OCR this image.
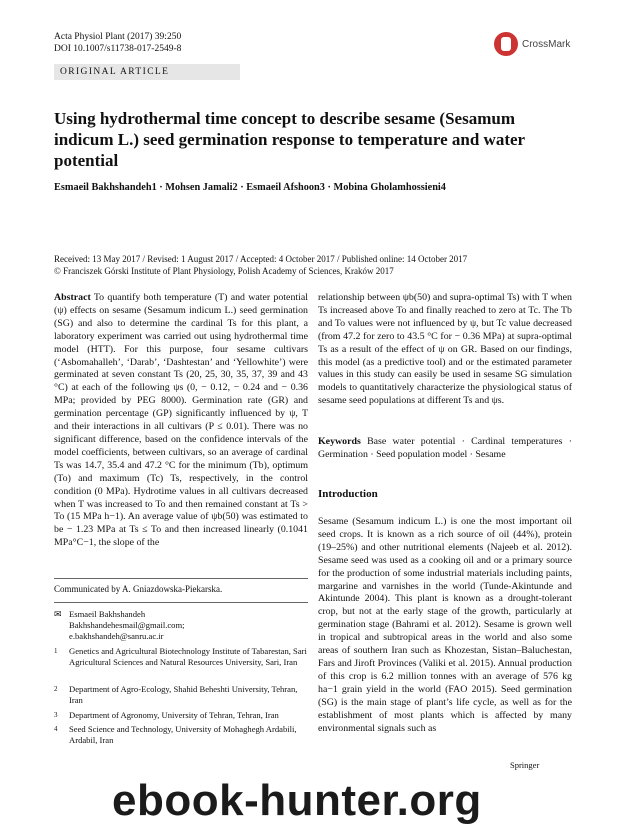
Acta Physiol Plant (2017) 39:250
DOI 10.1007/s11738-017-2549-8	CrossMark
ORIGINAL ARTICLE
Using hydrothermal time concept to describe sesame (Sesamum indicum L.) seed germination response to temperature and water potential
Esmaeil Bakhshandeh1 · Mohsen Jamali2 · Esmaeil Afshoon3 · Mobina Gholamhossieni4
Received: 13 May 2017 / Revised: 1 August 2017 / Accepted: 4 October 2017 / Published online: 14 October 2017
© Franciszek Górski Institute of Plant Physiology, Polish Academy of Sciences, Kraków 2017
Abstract To quantify both temperature (T) and water potential (ψ) effects on sesame (Sesamum indicum L.) seed germination (SG) and also to determine the cardinal Ts for this plant, a laboratory experiment was carried out using hydrothermal time model (HTT). For this purpose, four sesame cultivars (‘Asbomahalleh’, ‘Darab’, ‘Dashtestan’ and ‘Yellowhite’) were germinated at seven constant Ts (20, 25, 30, 35, 37, 39 and 43 °C) at each of the following ψs (0, − 0.12, − 0.24 and − 0.36 MPa; provided by PEG 8000). Germination rate (GR) and germination percentage (GP) significantly influenced by ψ, T and their interactions in all cultivars (P ≤ 0.01). There was no significant difference, based on the confidence intervals of the model coefficients, between cultivars, so an average of cardinal Ts was 14.7, 35.4 and 47.2 °C for the minimum (Tb), optimum (To) and maximum (Tc) Ts, respectively, in the control condition (0 MPa). Hydrotime values in all cultivars decreased when T was increased to To and then remained constant at Ts > To (15 MPa h−1). An average value of ψb(50) was estimated to be − 1.23 MPa at Ts ≤ To and then increased linearly (0.1041 MPa°C−1, the slope of the
relationship between ψb(50) and supra-optimal Ts) with T when Ts increased above To and finally reached to zero at Tc. The Tb and To values were not influenced by ψ, but Tc value decreased (from 47.2 for zero to 43.5 °C for − 0.36 MPa) at supra-optimal Ts as a result of the effect of ψ on GR. Based on our findings, this model (as a predictive tool) and or the estimated parameter values in this study can easily be used in sesame SG simulation models to quantitatively characterize the physiological status of sesame seed populations at different Ts and ψs.
Keywords Base water potential · Cardinal temperatures · Germination · Seed population model · Sesame
Introduction
Sesame (Sesamum indicum L.) is one the most important oil seed crops. It is known as a rich source of oil (44%), protein (19–25%) and other nutritional elements (Najeeb et al. 2012). Sesame seed was used as a cooking oil and or a primary source for the production of some industrial materials including paints, margarine and varnishes in the world (Tunde-Akintunde and Akintunde 2004). This plant is known as a drought-tolerant crop, but not at the early stage of the growth, particularly at germination stage (Bahrami et al. 2012). Sesame is grown well in tropical and subtropical areas in the world and also some areas of southern Iran such as Khozestan, Sistan–Baluchestan, Fars and Jiroft Provinces (Valiki et al. 2015). Annual production of this crop is 6.2 million tonnes with an average of 576 kg ha−1 grain yield in the world (FAO 2015). Seed germination (SG) is the main stage of plant’s life cycle, as well as for the establishment of most plants which is affected by many environmental signals such as
Communicated by A. Gniazdowska-Piekarska.
✉ Esmaeil Bakhshandeh
Bakhshandehesmail@gmail.com;
e.bakhshandeh@sanru.ac.ir
1 Genetics and Agricultural Biotechnology Institute of Tabarestan, Sari Agricultural Sciences and Natural Resources University, Sari, Iran
2 Department of Agro-Ecology, Shahid Beheshti University, Tehran, Iran
3 Department of Agronomy, University of Tehran, Tehran, Iran
4 Seed Science and Technology, University of Mohaghegh Ardabili, Ardabil, Iran
Springer
ebook-hunter.org
